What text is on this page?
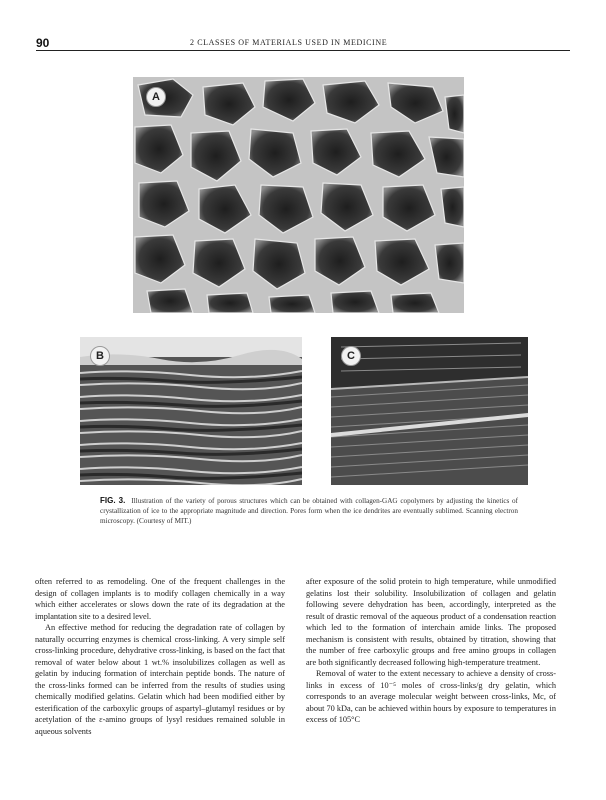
90	2 CLASSES OF MATERIALS USED IN MEDICINE
A
B	C
FIG. 3. Illustration of the variety of porous structures which can be obtained with collagen-GAG copolymers by adjusting the kinetics of crystallization of ice to the appropriate magnitude and direction. Pores form when the ice dendrites are eventually sublimed. Scanning electron microscopy. (Courtesy of MIT.)

often referred to as remodeling. One of the frequent challenges in the design of collagen implants is to modify collagen chemically in a way which either accelerates or slows down the rate of its degradation at the implantation site to a desired level.

An effective method for reducing the degradation rate of collagen by naturally occurring enzymes is chemical cross-linking. A very simple self cross-linking procedure, dehydrative cross-linking, is based on the fact that removal of water below about 1 wt.% insolubilizes collagen as well as gelatin by inducing formation of interchain peptide bonds. The nature of the cross-links formed can be inferred from the results of studies using chemically modified gelatins. Gelatin which had been modified either by esterification of the carboxylic groups of aspartyl–glutamyl residues or by acetylation of the ε-amino groups of lysyl residues remained soluble in aqueous solvents

after exposure of the solid protein to high temperature, while unmodified gelatins lost their solubility. Insolubilization of collagen and gelatin following severe dehydration has been, accordingly, interpreted as the result of drastic removal of the aqueous product of a condensation reaction which led to the formation of interchain amide links. The proposed mechanism is consistent with results, obtained by titration, showing that the number of free carboxylic groups and free amino groups in collagen are both significantly decreased following high-temperature treatment.

Removal of water to the extent necessary to achieve a density of cross-links in excess of 10⁻⁵ moles of cross-links/g dry gelatin, which corresponds to an average molecular weight between cross-links, Mc, of about 70 kDa, can be achieved within hours by exposure to temperatures in excess of 105°C
